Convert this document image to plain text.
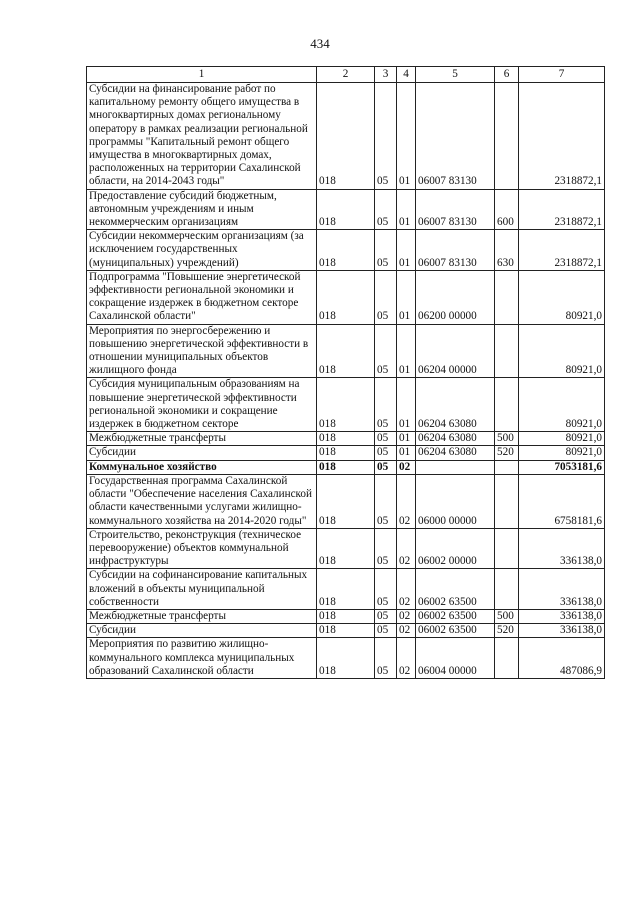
434
1	2	3	4	5	6	7
Субсидии на финансирование работ по капитальному ремонту общего имущества в многоквартирных домах региональному оператору в рамках реализации региональной программы "Капитальный ремонт общего имущества в многоквартирных домах, расположенных на территории Сахалинской области, на 2014-2043 годы"	018	05	01	06007 83130		2318872,1
Предоставление субсидий бюджетным, автономным учреждениям и иным некоммерческим организациям	018	05	01	06007 83130	600	2318872,1
Субсидии некоммерческим организациям (за исключением государственных (муниципальных) учреждений)	018	05	01	06007 83130	630	2318872,1
Подпрограмма "Повышение энергетической эффективности региональной экономики и сокращение издержек в бюджетном секторе Сахалинской области"	018	05	01	06200 00000		80921,0
Мероприятия по энергосбережению и повышению энергетической эффективности в отношении муниципальных объектов жилищного фонда	018	05	01	06204 00000		80921,0
Субсидия муниципальным образованиям на повышение энергетической эффективности региональной экономики и сокращение издержек в бюджетном секторе	018	05	01	06204 63080		80921,0
Межбюджетные трансферты	018	05	01	06204 63080	500	80921,0
Субсидии	018	05	01	06204 63080	520	80921,0
Коммунальное хозяйство	018	05	02			7053181,6
Государственная программа Сахалинской области "Обеспечение населения Сахалинской области качественными услугами жилищно-коммунального хозяйства на 2014-2020 годы"	018	05	02	06000 00000		6758181,6
Строительство, реконструкция (техническое перевооружение) объектов коммунальной инфраструктуры	018	05	02	06002 00000		336138,0
Субсидии на софинансирование капитальных вложений в объекты муниципальной собственности	018	05	02	06002 63500		336138,0
Межбюджетные трансферты	018	05	02	06002 63500	500	336138,0
Субсидии	018	05	02	06002 63500	520	336138,0
Мероприятия по развитию жилищно-коммунального комплекса муниципальных образований Сахалинской области	018	05	02	06004 00000		487086,9
